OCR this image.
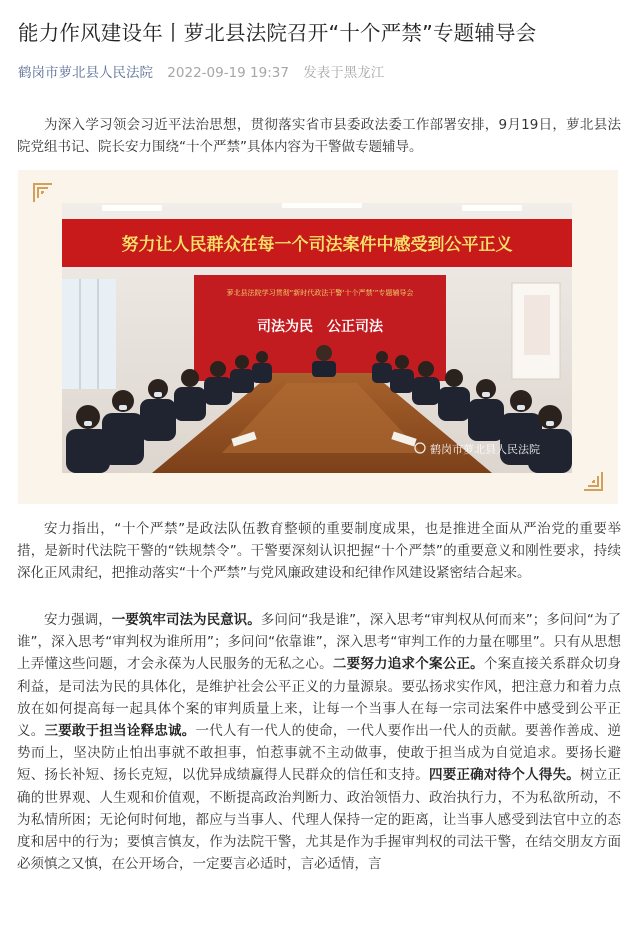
能力作风建设年丨萝北县法院召开“十个严禁”专题辅导会
鹤岗市萝北县人民法院 2022-09-19 19:37 发表于黑龙江

为深入学习领会习近平法治思想，贯彻落实省市县委政法委工作部署安排，9月19日，萝北县法院党组书记、院长安力围绕“十个严禁”具体内容为干警做专题辅导。

努力让人民群众在每一个司法案件中感受到公平正义
萝北县法院学习贯彻“新时代政法干警‘十个严禁’”专题辅导会
司法为民　公正司法
鹤岗市萝北县人民法院

安力指出，“十个严禁”是政法队伍教育整顿的重要制度成果，也是推进全面从严治党的重要举措，是新时代法院干警的“铁规禁令”。干警要深刻认识把握“十个严禁”的重要意义和刚性要求，持续深化正风肃纪，把推动落实“十个严禁”与党风廉政建设和纪律作风建设紧密结合起来。

安力强调，一要筑牢司法为民意识。多问问“我是谁”，深入思考“审判权从何而来”；多问问“为了谁”，深入思考“审判权为谁所用”；多问问“依靠谁”，深入思考“审判工作的力量在哪里”。只有从思想上弄懂这些问题，才会永葆为人民服务的无私之心。二要努力追求个案公正。个案直接关系群众切身利益，是司法为民的具体化，是维护社会公平正义的力量源泉。要弘扬求实作风，把注意力和着力点放在如何提高每一起具体个案的审判质量上来，让每一个当事人在每一宗司法案件中感受到公平正义。三要敢于担当诠释忠诚。一代人有一代人的使命，一代人要作出一代人的贡献。要善作善成、逆势而上，坚决防止怕出事就不敢担事，怕惹事就不主动做事，使敢于担当成为自觉追求。要扬长避短、扬长补短、扬长克短，以优异成绩赢得人民群众的信任和支持。四要正确对待个人得失。树立正确的世界观、人生观和价值观，不断提高政治判断力、政治领悟力、政治执行力，不为私欲所动，不为私情所困；无论何时何地，都应与当事人、代理人保持一定的距离，让当事人感受到法官中立的态度和居中的行为；要慎言慎友，作为法院干警，尤其是作为手握审判权的司法干警，在结交朋友方面必须慎之又慎，在公开场合，一定要言必适时，言必适情，言
